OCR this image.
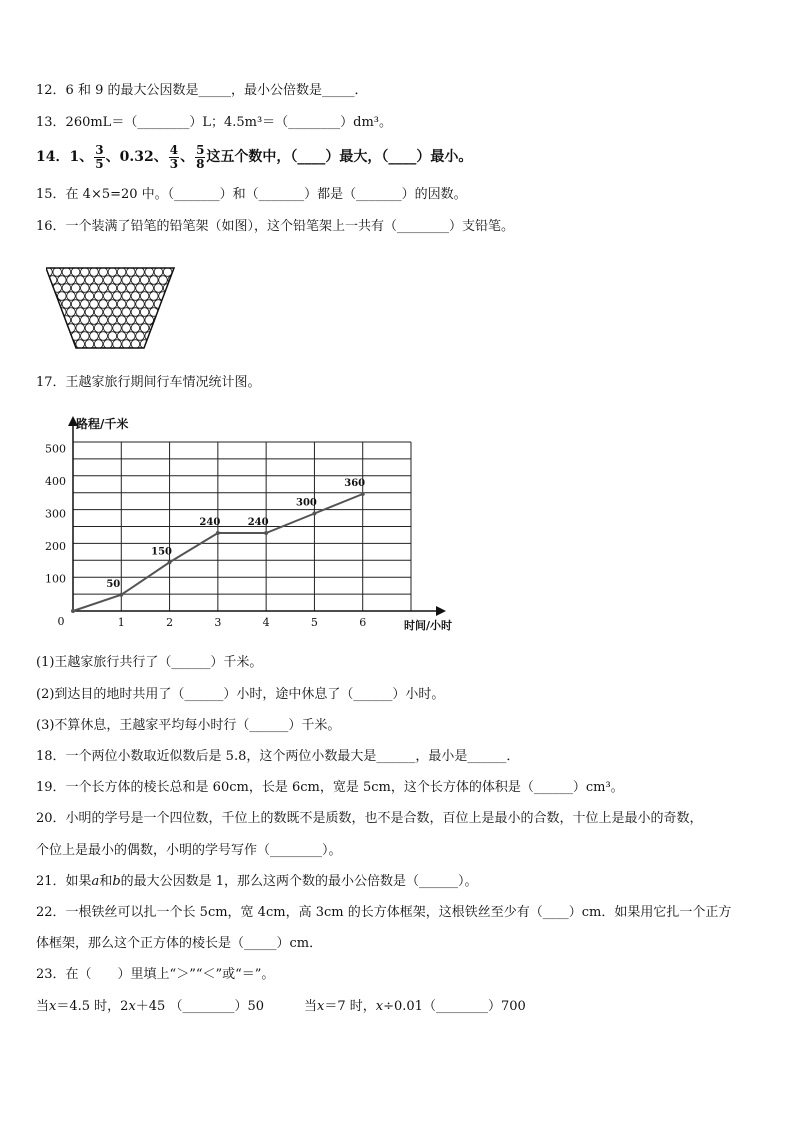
12．6 和 9 的最大公因数是_____，最小公倍数是_____．
13．260mL＝（________）L；4.5m³＝（________）dm³。
14．1、 $\frac{3}{5}$ 、0.32、 $\frac{4}{3}$ 、 $\frac{5}{8}$ 这五个数中，（____）最大，（____）最小。
15．在 4×5=20 中。（_______）和（_______）都是（_______）的因数。
16．一个装满了铅笔的铅笔架（如图），这个铅笔架上一共有（________）支铅笔。
17．王越家旅行期间行车情况统计图。
路程/千米
时间/小时
0	1	2	3	4	5	6
100
200
300
400
500
50
150
240	240
300
360
(1)王越家旅行共行了（______）千米。
(2)到达目的地时共用了（______）小时，途中休息了（______）小时。
(3)不算休息，王越家平均每小时行（______）千米。
18．一个两位小数取近似数后是 5.8，这个两位小数最大是______，最小是______．
19．一个长方体的棱长总和是 60cm，长是 6cm，宽是 5cm，这个长方体的体积是（______）cm³。
20．小明的学号是一个四位数，千位上的数既不是质数，也不是合数，百位上是最小的合数，十位上是最小的奇数，
个位上是最小的偶数，小明的学号写作（________）。
21．如果a和b的最大公因数是 1，那么这两个数的最小公倍数是（______）。
22．一根铁丝可以扎一个长 5cm，宽 4cm，高 3cm 的长方体框架，这根铁丝至少有（____）cm．如果用它扎一个正方
体框架，那么这个正方体的棱长是（_____）cm．
23．在（　　）里填上“＞”“＜”或“＝”。
当x＝4.5 时，2x＋45 （________）50	当x＝7 时，x÷0.01（________）700
